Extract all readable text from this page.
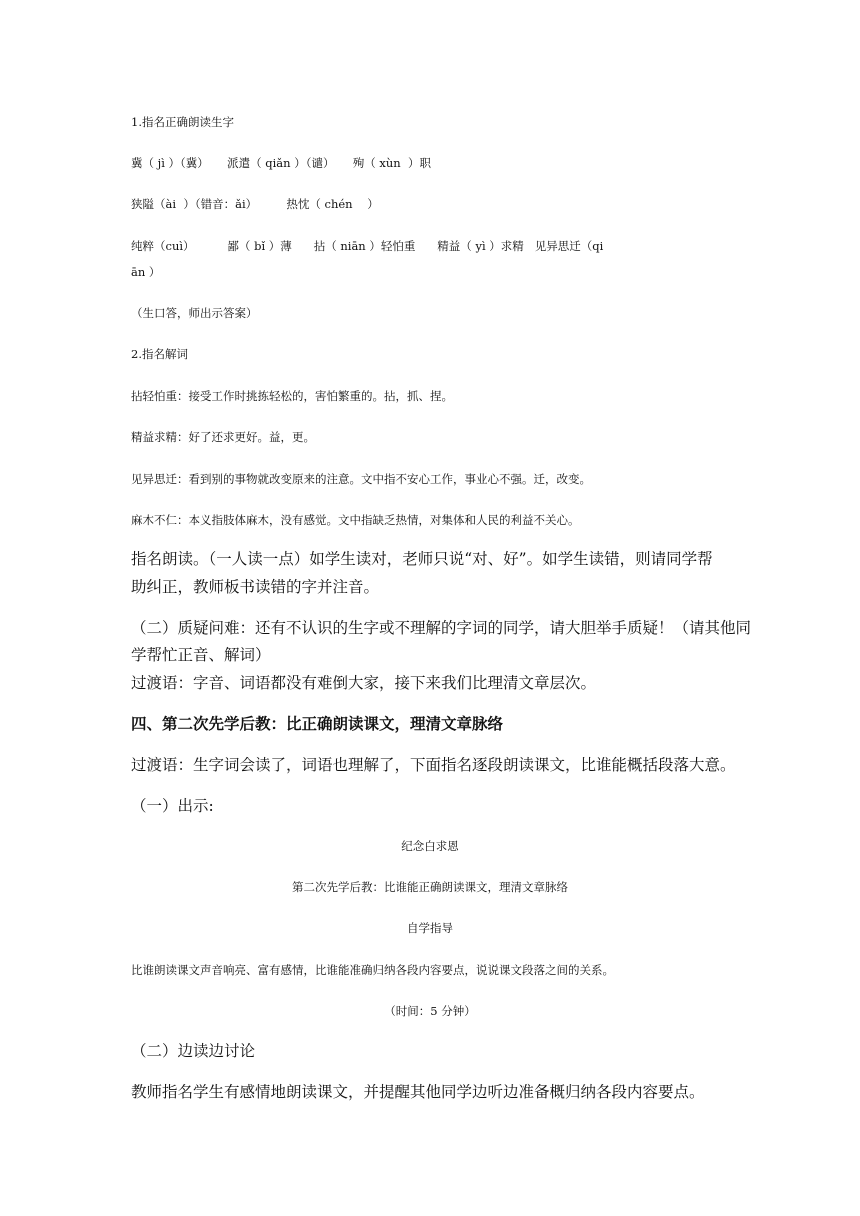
1.指名正确朗读生字
冀（ jì ）（冀）     派遣（ qiǎn ）（谴）     殉（ xùn  ）职
狭隘（ài  ）（错音：ǎi）        热忱（ chén    ）
纯粹（cuì）         鄙（ bǐ ）薄      拈（ niān ）轻怕重      精益（ yì ）求精   见异思迁（qi
ān ）
（生口答，师出示答案）
2.指名解词
拈轻怕重：接受工作时挑拣轻松的，害怕繁重的。拈，抓、捏。
精益求精：好了还求更好。益，更。
见异思迁：看到别的事物就改变原来的注意。文中指不安心工作，事业心不强。迁，改变。
麻木不仁：本义指肢体麻木，没有感觉。文中指缺乏热情，对集体和人民的利益不关心。
指名朗读。（一人读一点）如学生读对，老师只说“对、好”。如学生读错，则请同学帮
助纠正，教师板书读错的字并注音。
（二）质疑问难：还有不认识的生字或不理解的字词的同学，请大胆举手质疑！（请其他同
学帮忙正音、解词）
过渡语：字音、词语都没有难倒大家，接下来我们比理清文章层次。
四、第二次先学后教：比正确朗读课文，理清文章脉络
过渡语：生字词会读了，词语也理解了，下面指名逐段朗读课文，比谁能概括段落大意。
（一）出示:
纪念白求恩
第二次先学后教：比谁能正确朗读课文，理清文章脉络
自学指导
比谁朗读课文声音响亮、富有感情，比谁能准确归纳各段内容要点，说说课文段落之间的关系。
（时间：5 分钟）
（二）边读边讨论
教师指名学生有感情地朗读课文，并提醒其他同学边听边准备概归纳各段内容要点。
